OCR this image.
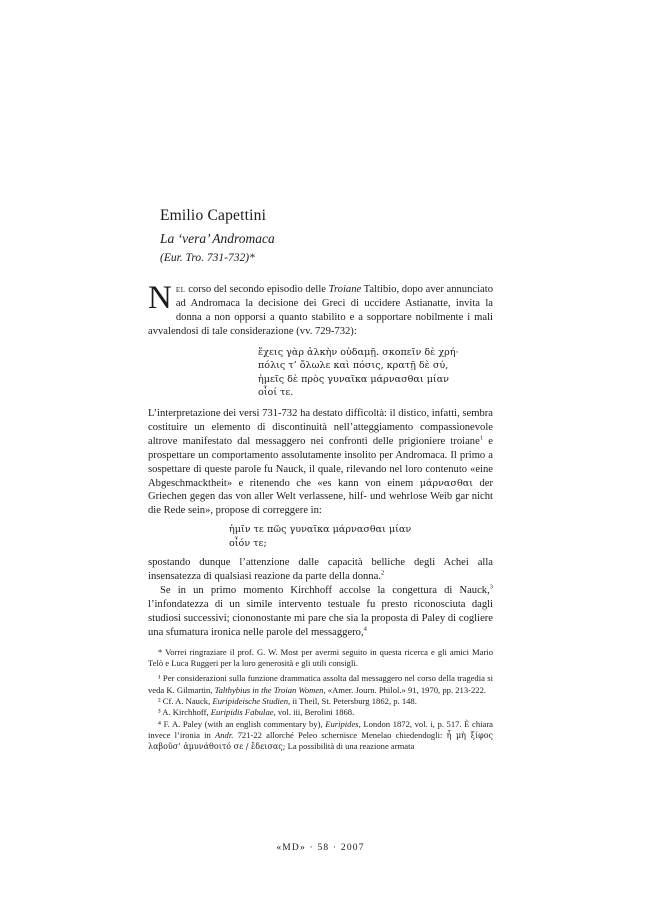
Emilio Capettini

La ‘vera’ Andromaca

(Eur. Tro. 731-732)*

Nel corso del secondo episodio delle Troiane Taltibio, dopo aver annunciato ad Andromaca la decisione dei Greci di uccidere Astianatte, invita la donna a non opporsi a quanto stabilito e a sopportare nobilmente i mali avvalendosi di tale considerazione (vv. 729-732):

ἔχεις γὰρ ἀλκὴν οὐδαμῇ. σκοπεῖν δὲ χρή·
πόλις τ’ ὄλωλε καὶ πόσις, κρατῇ δὲ σύ,
ἡμεῖς δὲ πρὸς γυναῖκα μάρνασθαι μίαν
οἷοί τε.

L’interpretazione dei versi 731-732 ha destato difficoltà: il distico, infatti, sembra costituire un elemento di discontinuità nell’atteggiamento compassionevole altrove manifestato dal messaggero nei confronti delle prigioniere troiane$^1$ e prospettare un comportamento assolutamente insolito per Andromaca. Il primo a sospettare di queste parole fu Nauck, il quale, rilevando nel loro contenuto «eine Abgeschmacktheit» e ritenendo che «es kann von einem μάρνασθαι der Griechen gegen das von aller Welt verlassene, hilf- und wehrlose Weib gar nicht die Rede sein», propose di correggere in:

ἡμῖν τε πῶς γυναῖκα μάρνασθαι μίαν
οἷόν τε;

spostando dunque l’attenzione dalle capacità belliche degli Achei alla insensatezza di qualsiasi reazione da parte della donna.$^2$

Se in un primo momento Kirchhoff accolse la congettura di Nauck,$^3$ l’infondatezza di un simile intervento testuale fu presto riconosciuta dagli studiosi successivi; ciononostante mi pare che sia la proposta di Paley di cogliere una sfumatura ironica nelle parole del messaggero,$^4$

* Vorrei ringraziare il prof. G. W. Most per avermi seguito in questa ricerca e gli amici Mario Telò e Luca Ruggeri per la loro generosità e gli utili consigli.

¹ Per considerazioni sulla funzione drammatica assolta dal messaggero nel corso della tragedia si veda K. Gilmartin, Talthybius in the Troian Women, «Amer. Journ. Philol.» 91, 1970, pp. 213-222.

² Cf. A. Nauck, Euripideische Studien, ii Theil, St. Petersburg 1862, p. 148.

³ A. Kirchhoff, Euripidis Fabulae, vol. iii, Berolini 1868.

⁴ F. A. Paley (with an english commentary by), Euripides, London 1872, vol. i, p. 517. È chiara invece l’ironia in Andr. 721-22 allorché Peleo schernisce Menelao chiedendogli: ἦ μὴ ξίφος λαβοῦσ’ ἀμυνάθοιτό σε / ἔδεισας; La possibilità di una reazione armata

«MD» · 58 · 2007
